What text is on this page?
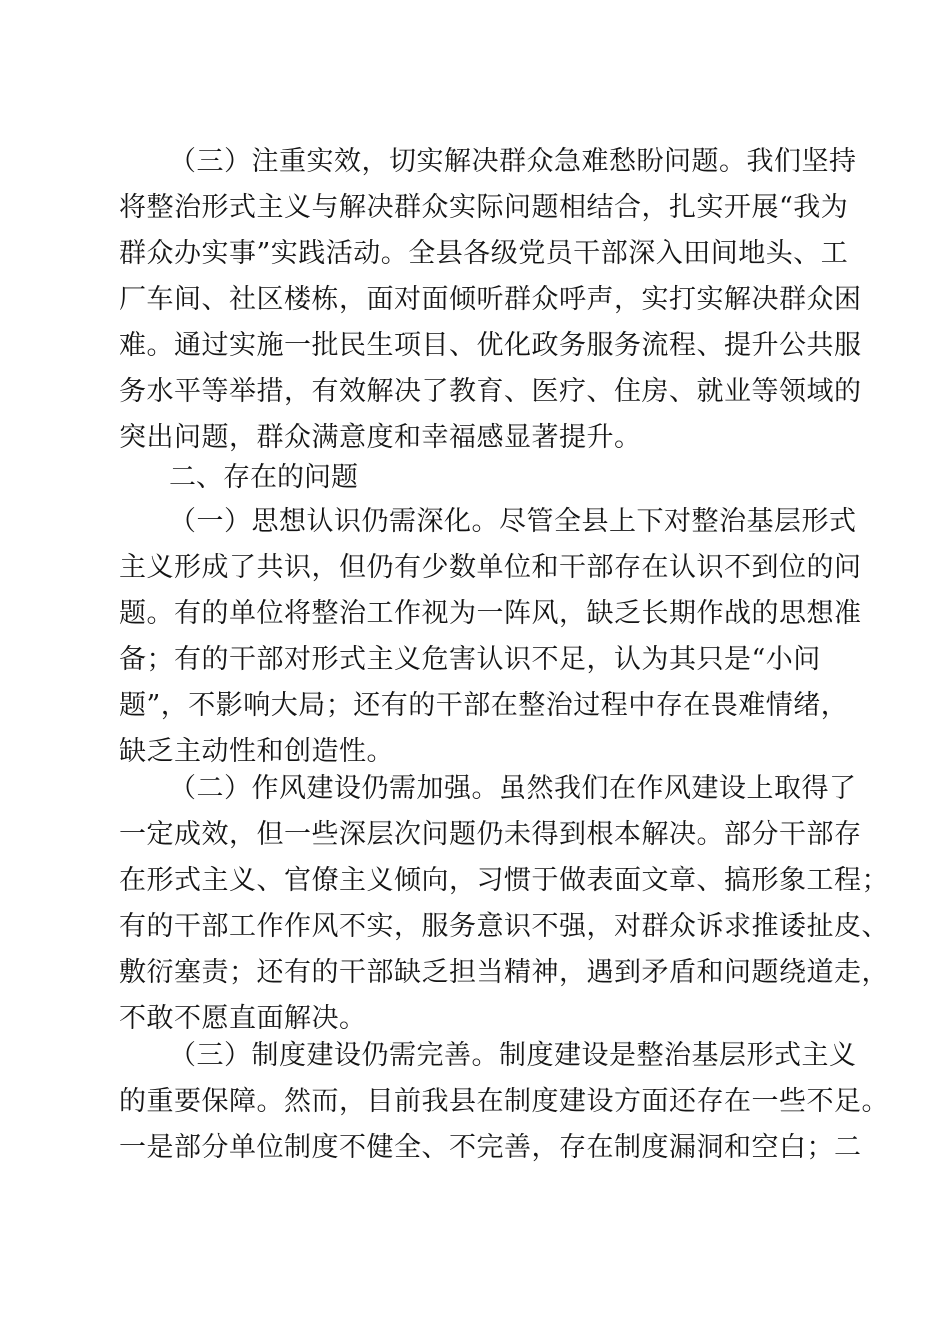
（三）注重实效，切实解决群众急难愁盼问题。我们坚持
将整治形式主义与解决群众实际问题相结合，扎实开展“我为
群众办实事”实践活动。全县各级党员干部深入田间地头、工
厂车间、社区楼栋，面对面倾听群众呼声，实打实解决群众困
难。通过实施一批民生项目、优化政务服务流程、提升公共服
务水平等举措，有效解决了教育、医疗、住房、就业等领域的
突出问题，群众满意度和幸福感显著提升。
二、存在的问题
（一）思想认识仍需深化。尽管全县上下对整治基层形式
主义形成了共识，但仍有少数单位和干部存在认识不到位的问
题。有的单位将整治工作视为一阵风，缺乏长期作战的思想准
备；有的干部对形式主义危害认识不足，认为其只是“小问
题”，不影响大局；还有的干部在整治过程中存在畏难情绪，
缺乏主动性和创造性。
（二）作风建设仍需加强。虽然我们在作风建设上取得了
一定成效，但一些深层次问题仍未得到根本解决。部分干部存
在形式主义、官僚主义倾向，习惯于做表面文章、搞形象工程；
有的干部工作作风不实，服务意识不强，对群众诉求推诿扯皮、
敷衍塞责；还有的干部缺乏担当精神，遇到矛盾和问题绕道走，
不敢不愿直面解决。
（三）制度建设仍需完善。制度建设是整治基层形式主义
的重要保障。然而，目前我县在制度建设方面还存在一些不足。
一是部分单位制度不健全、不完善，存在制度漏洞和空白；二
